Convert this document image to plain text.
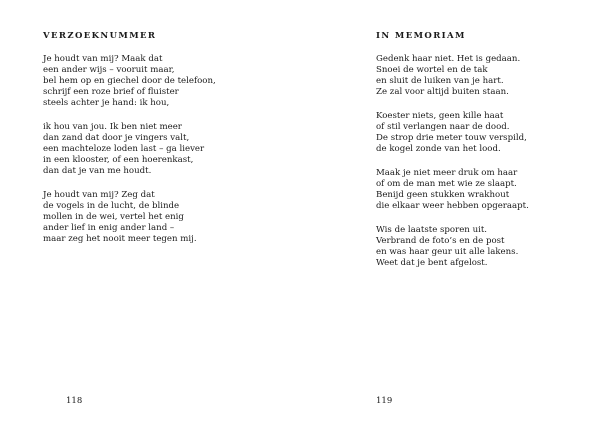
VERZOEKNUMMER
Je houdt van mij? Maak dat
een ander wijs – vooruit maar,
bel hem op en giechel door de telefoon,
schrijf een roze brief of fluister
steels achter je hand: ik hou,
ik hou van jou. Ik ben niet meer
dan zand dat door je vingers valt,
een machteloze loden last – ga liever
in een klooster, of een hoerenkast,
dan dat je van me houdt.
Je houdt van mij? Zeg dat
de vogels in de lucht, de blinde
mollen in de wei, vertel het enig
ander lief in enig ander land –
maar zeg het nooit meer tegen mij.
118
IN MEMORIAM
Gedenk haar niet. Het is gedaan.
Snoei de wortel en de tak
en sluit de luiken van je hart.
Ze zal voor altijd buiten staan.
Koester niets, geen kille haat
of stil verlangen naar de dood.
De strop drie meter touw verspild,
de kogel zonde van het lood.
Maak je niet meer druk om haar
of om de man met wie ze slaapt.
Benijd geen stukken wrakhout
die elkaar weer hebben opgeraapt.
Wis de laatste sporen uit.
Verbrand de foto’s en de post
en was haar geur uit alle lakens.
Weet dat je bent afgelost.
119
